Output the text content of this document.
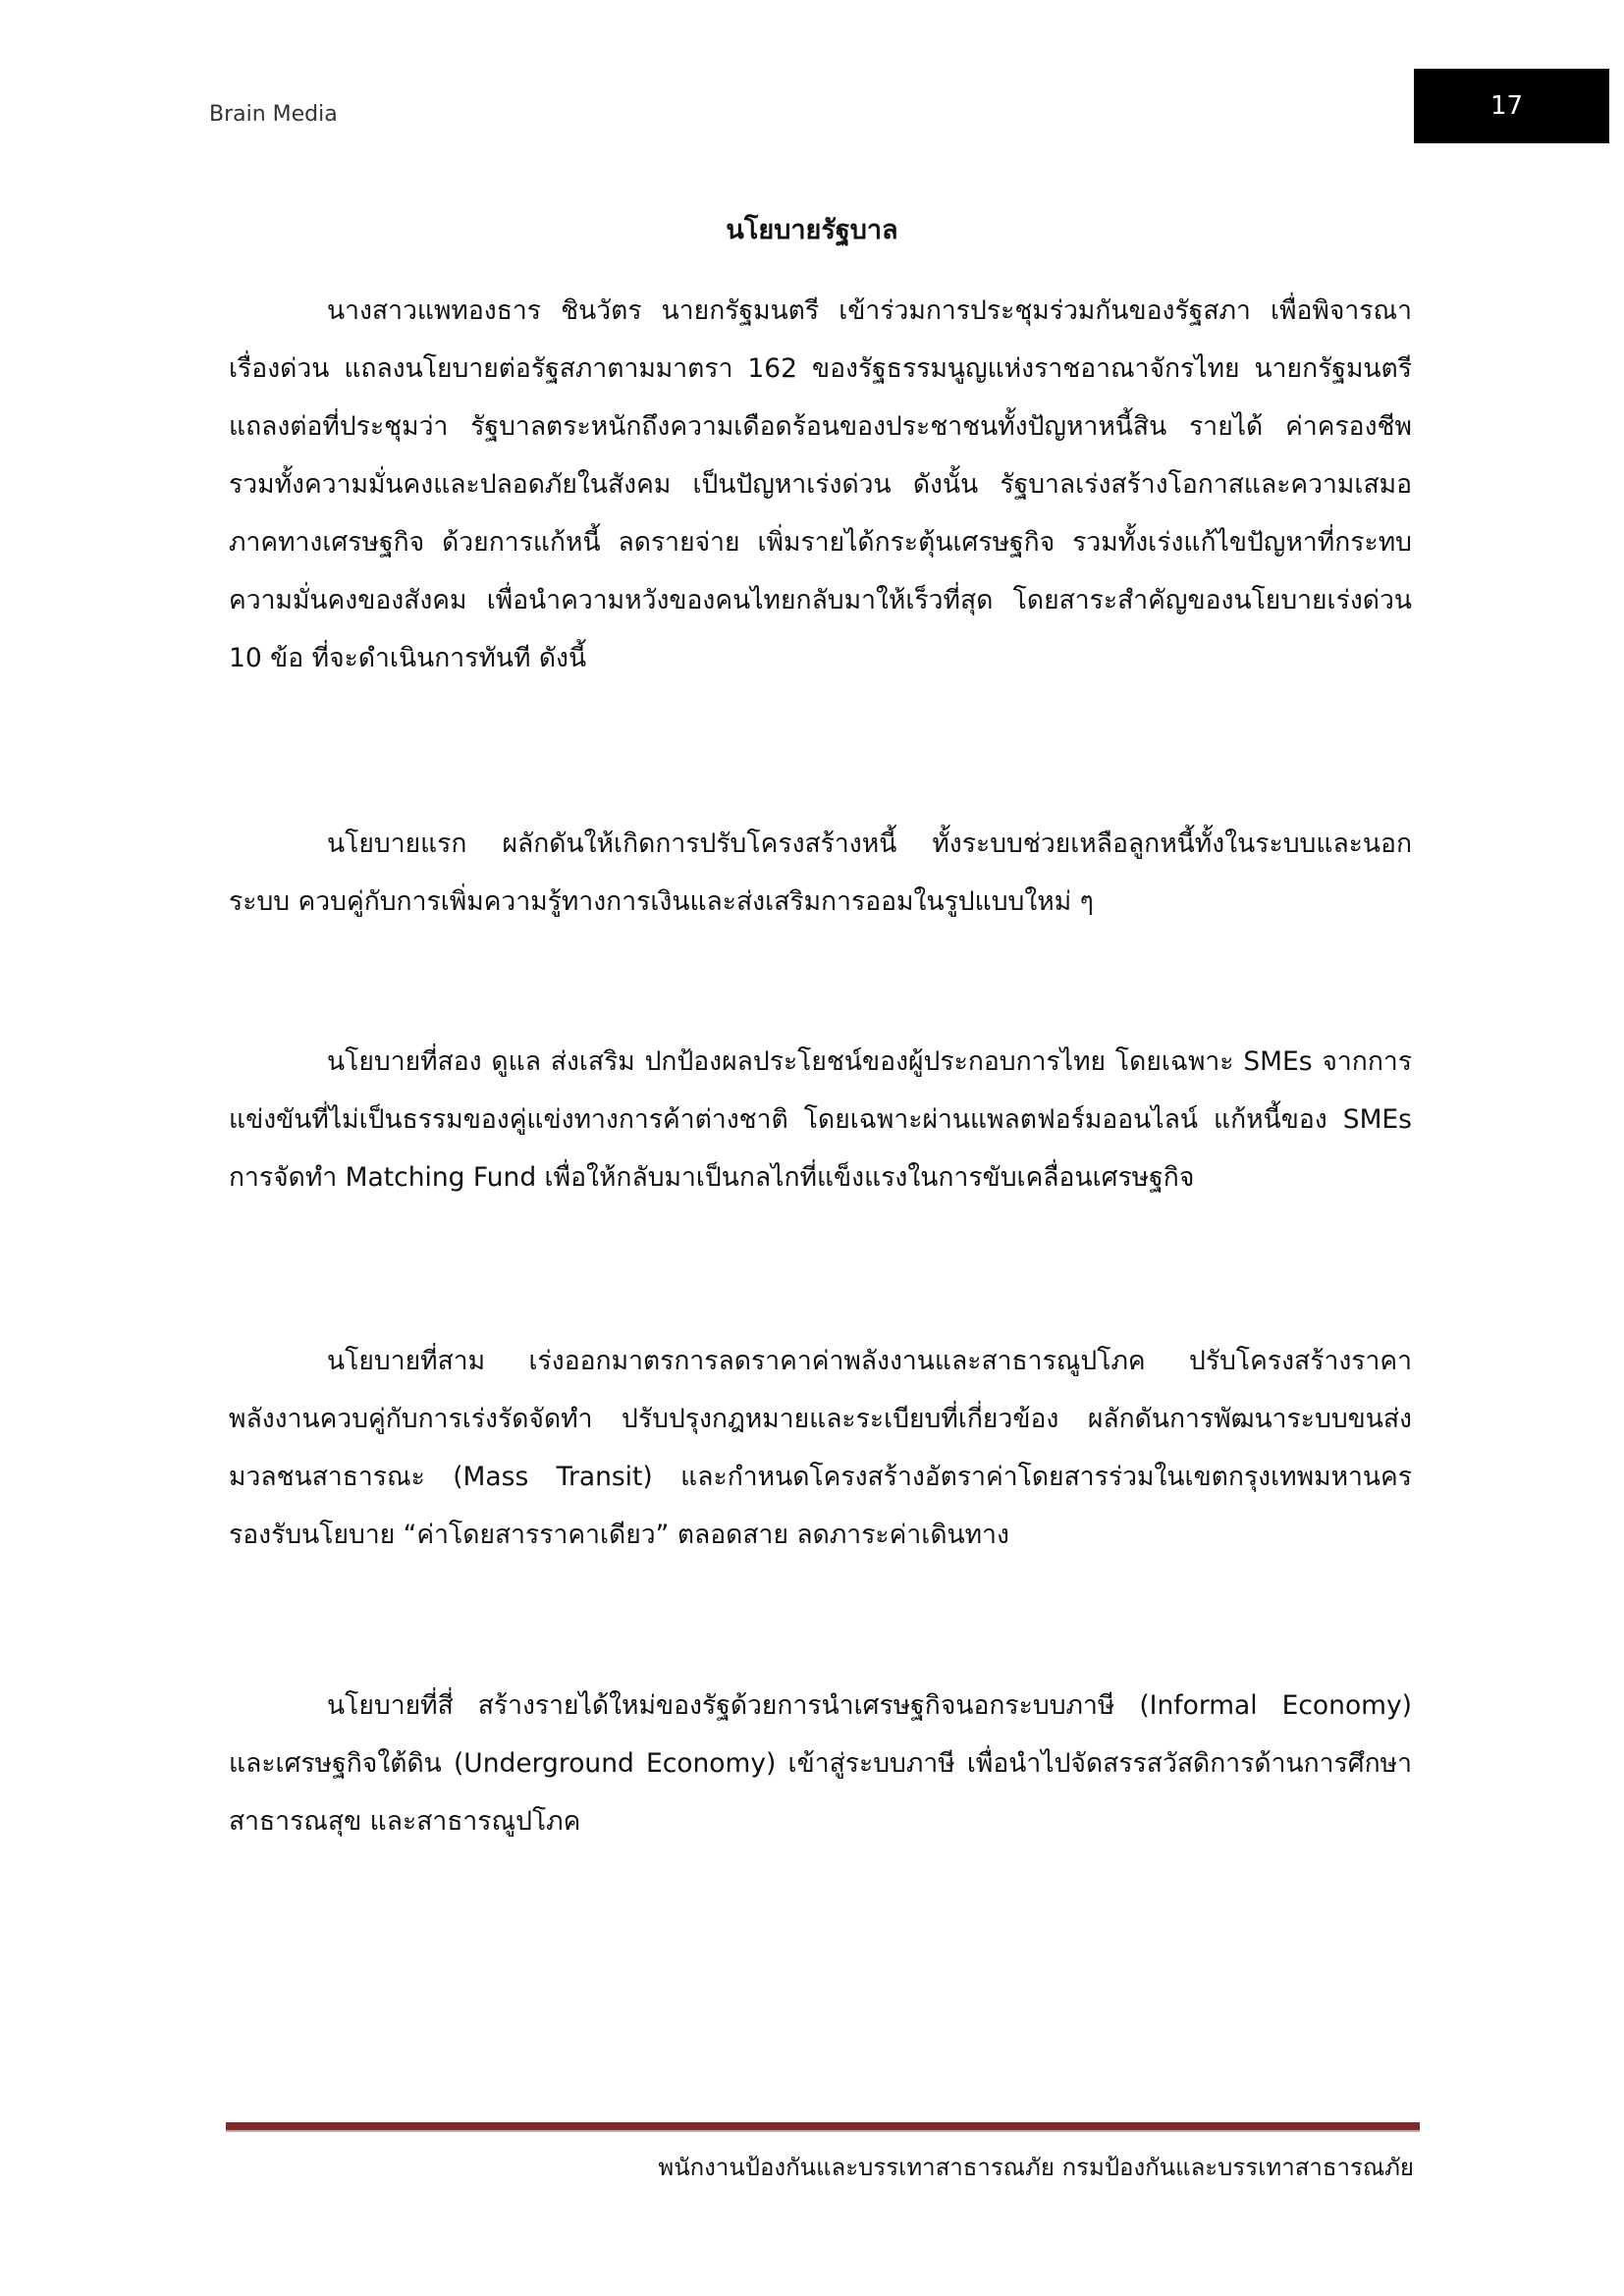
Brain Media	17
นโยบายรัฐบาล

นางสาวแพทองธาร ชินวัตร นายกรัฐมนตรี เข้าร่วมการประชุมร่วมกันของรัฐสภา เพื่อพิจารณาเรื่องด่วน แถลงนโยบายต่อรัฐสภาตามมาตรา 162 ของรัฐธรรมนูญแห่งราชอาณาจักรไทย นายกรัฐมนตรีแถลงต่อที่ประชุมว่า รัฐบาลตระหนักถึงความเดือดร้อนของประชาชนทั้งปัญหาหนี้สิน รายได้ ค่าครองชีพ รวมทั้งความมั่นคงและปลอดภัยในสังคม เป็นปัญหาเร่งด่วน ดังนั้น รัฐบาลเร่งสร้างโอกาสและความเสมอภาคทางเศรษฐกิจ ด้วยการแก้หนี้ ลดรายจ่าย เพิ่มรายได้กระตุ้นเศรษฐกิจ รวมทั้งเร่งแก้ไขปัญหาที่กระทบความมั่นคงของสังคม เพื่อนำความหวังของคนไทยกลับมาให้เร็วที่สุด โดยสาระสำคัญของนโยบายเร่งด่วน 10 ข้อ ที่จะดำเนินการทันที ดังนี้

นโยบายแรก ผลักดันให้เกิดการปรับโครงสร้างหนี้ ทั้งระบบช่วยเหลือลูกหนี้ทั้งในระบบและนอกระบบ ควบคู่กับการเพิ่มความรู้ทางการเงินและส่งเสริมการออมในรูปแบบใหม่ ๆ

นโยบายที่สอง ดูแล ส่งเสริม ปกป้องผลประโยชน์ของผู้ประกอบการไทย โดยเฉพาะ SMEs จากการแข่งขันที่ไม่เป็นธรรมของคู่แข่งทางการค้าต่างชาติ โดยเฉพาะผ่านแพลตฟอร์มออนไลน์ แก้หนี้ของ SMEs การจัดทำ Matching Fund เพื่อให้กลับมาเป็นกลไกที่แข็งแรงในการขับเคลื่อนเศรษฐกิจ

นโยบายที่สาม เร่งออกมาตรการลดราคาค่าพลังงานและสาธารณูปโภค ปรับโครงสร้างราคาพลังงานควบคู่กับการเร่งรัดจัดทำ ปรับปรุงกฎหมายและระเบียบที่เกี่ยวข้อง ผลักดันการพัฒนาระบบขนส่งมวลชนสาธารณะ (Mass Transit) และกำหนดโครงสร้างอัตราค่าโดยสารร่วมในเขตกรุงเทพมหานครรองรับนโยบาย “ค่าโดยสารราคาเดียว” ตลอดสาย ลดภาระค่าเดินทาง

นโยบายที่สี่ สร้างรายได้ใหม่ของรัฐด้วยการนำเศรษฐกิจนอกระบบภาษี (Informal Economy) และเศรษฐกิจใต้ดิน (Underground Economy) เข้าสู่ระบบภาษี เพื่อนำไปจัดสรรสวัสดิการด้านการศึกษา สาธารณสุข และสาธารณูปโภค

พนักงานป้องกันและบรรเทาสาธารณภัย กรมป้องกันและบรรเทาสาธารณภัย
